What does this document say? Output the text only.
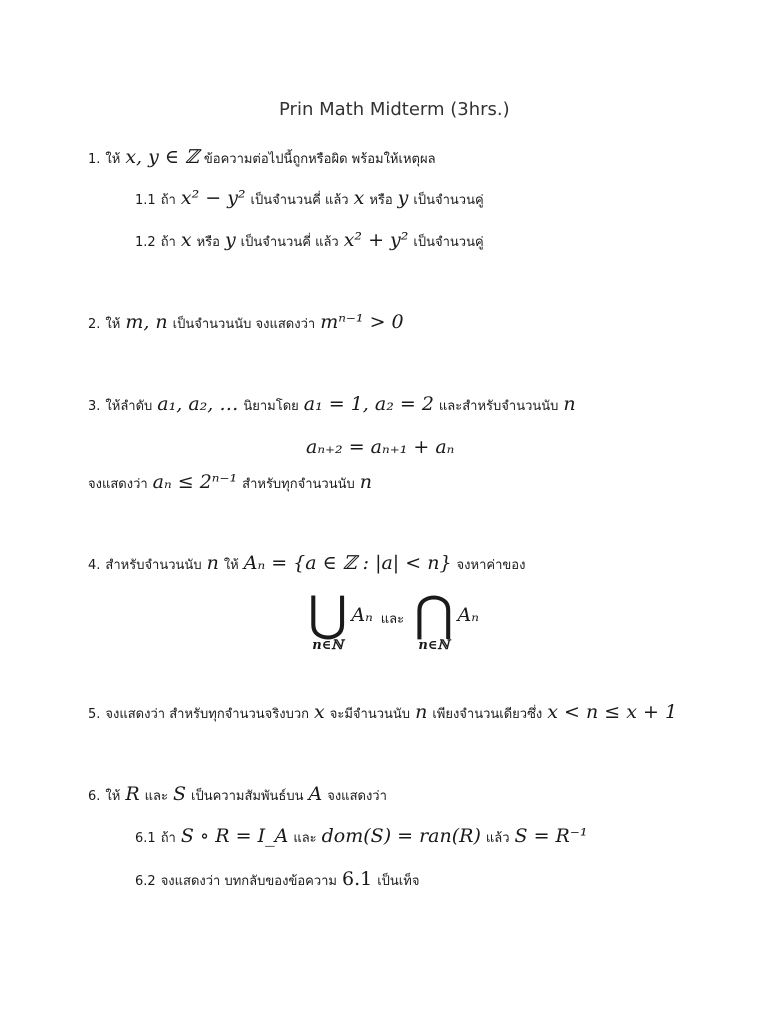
Prin Math Midterm (3hrs.)
1. ให้ x, y ∈ ℤ ข้อความต่อไปนี้ถูกหรือผิด พร้อมให้เหตุผล
1.1 ถ้า x² − y² เป็นจำนวนคี่ แล้ว x หรือ y เป็นจำนวนคู่
1.2 ถ้า x หรือ y เป็นจำนวนคี่ แล้ว x² + y² เป็นจำนวนคู่
2. ให้ m, n เป็นจำนวนนับ จงแสดงว่า mⁿ⁻¹ > 0
3. ให้ลำดับ a₁, a₂, … นิยามโดย a₁ = 1, a₂ = 2 และสำหรับจำนวนนับ n
aₙ₊₂ = aₙ₊₁ + aₙ
จงแสดงว่า aₙ ≤ 2ⁿ⁻¹ สำหรับทุกจำนวนนับ n
4. สำหรับจำนวนนับ n ให้ Aₙ = {a ∈ ℤ : |a| < n} จงหาค่าของ
⋃
n∈ℕ
Aₙ และ ⋂
n∈ℕ
Aₙ
5. จงแสดงว่า สำหรับทุกจำนวนจริงบวก x จะมีจำนวนนับ n เพียงจำนวนเดียวซึ่ง x < n ≤ x + 1
6. ให้ R และ S เป็นความสัมพันธ์บน A จงแสดงว่า
6.1 ถ้า S ∘ R = I_A และ dom(S) = ran(R) แล้ว S = R⁻¹
6.2 จงแสดงว่า บทกลับของข้อความ 6.1 เป็นเท็จ
